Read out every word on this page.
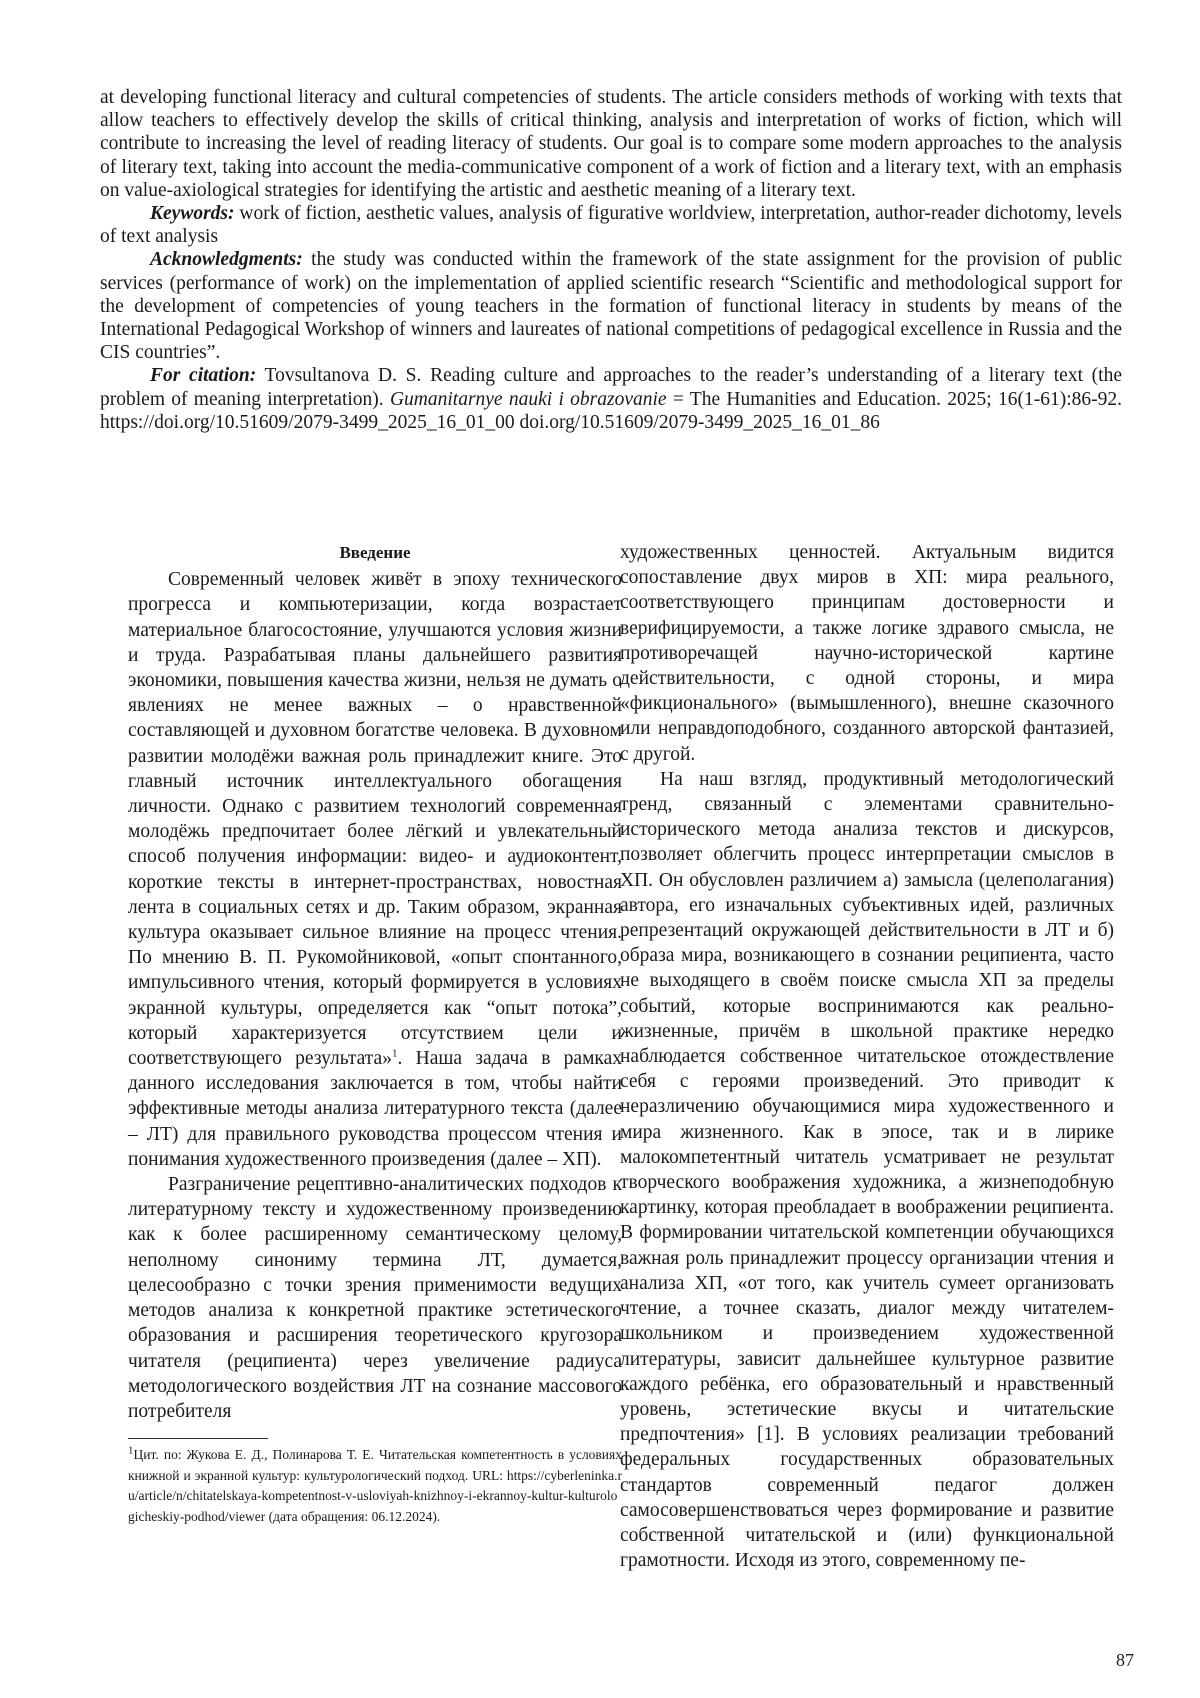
at developing functional literacy and cultural competencies of students. The article considers methods of working with texts that allow teachers to effectively develop the skills of critical thinking, analysis and interpretation of works of fiction, which will contribute to increasing the level of reading literacy of students. Our goal is to compare some modern approaches to the analysis of literary text, taking into account the media-communicative component of a work of fiction and a literary text, with an emphasis on value-axiological strategies for identifying the artistic and aesthetic meaning of a literary text.

Keywords: work of fiction, aesthetic values, analysis of figurative worldview, interpretation, author-reader dichotomy, levels of text analysis

Acknowledgments: the study was conducted within the framework of the state assignment for the provision of public services (performance of work) on the implementation of applied scientific research “Scientific and methodological support for the development of competencies of young teachers in the formation of functional literacy in students by means of the International Pedagogical Workshop of winners and laureates of national competitions of pedagogical excellence in Russia and the CIS countries”.

For citation: Tovsultanova D. S. Reading culture and approaches to the reader’s understanding of a literary text (the problem of meaning interpretation). Gumanitarnye nauki i obrazovanie = The Humanities and Education. 2025; 16(1-61):86-92. https://doi.org/10.51609/2079-3499_2025_16_01_00 doi.org/10.51609/2079-3499_2025_16_01_86

Введение

Современный человек живёт в эпоху технического прогресса и компьютеризации, когда возрастает материальное благосостояние, улучшаются условия жизни и труда. Разрабатывая планы дальнейшего развития экономики, повышения качества жизни, нельзя не думать о явлениях не менее важных – о нравственной составляющей и духовном богатстве человека. В духовном развитии молодёжи важная роль принадлежит книге. Это главный источник интеллектуального обогащения личности. Однако с развитием технологий современная молодёжь предпочитает более лёгкий и увлекательный способ получения информации: видео- и аудиоконтент, короткие тексты в интернет-пространствах, новостная лента в социальных сетях и др. Таким образом, экранная культура оказывает сильное влияние на процесс чтения. По мнению В. П. Рукомойниковой, «опыт спонтанного, импульсивного чтения, который формируется в условиях экранной культуры, определяется как “опыт потока”, который характеризуется отсутствием цели и соответствующего результата»$^1$. Наша задача в рамках данного исследования заключается в том, чтобы найти эффективные методы анализа литературного текста (далее – ЛТ) для правильного руководства процессом чтения и понимания художественного произведения (далее – ХП).

Разграничение рецептивно-аналитических подходов к литературному тексту и художественному произведению как к более расширенному семантическому целому, неполному синониму термина ЛТ, думается, целесообразно с точки зрения применимости ведущих методов анализа к конкретной практике эстетического образования и расширения теоретического кругозора читателя (реципиента) через увеличение радиуса методологического воздействия ЛТ на сознание массового потребителя

$^1$Цит. по: Жукова Е. Д., Полинарова Т. Е. Читательская компетентность в условиях книжной и экранной культур: культурологический подход. URL: https://cyberleninka.ru/article/n/chitatelskaya-kompetentnost-v-usloviyah-knizhnoy-i-ekrannoy-kultur-kulturologicheskiy-podhod/viewer (дата обращения: 06.12.2024).

художественных ценностей. Актуальным видится сопоставление двух миров в ХП: мира реального, соответствующего принципам достоверности и верифицируемости, а также логике здравого смысла, не противоречащей научно-исторической картине действительности, с одной стороны, и мира «фикционального» (вымышленного), внешне сказочного или неправдоподобного, созданного авторской фантазией, с другой.

На наш взгляд, продуктивный методологический тренд, связанный с элементами сравнительно-исторического метода анализа текстов и дискурсов, позволяет облегчить процесс интерпретации смыслов в ХП. Он обусловлен различием а) замысла (целеполагания) автора, его изначальных субъективных идей, различных репрезентаций окружающей действительности в ЛТ и б) образа мира, возникающего в сознании реципиента, часто не выходящего в своём поиске смысла ХП за пределы событий, которые воспринимаются как реально-жизненные, причём в школьной практике нередко наблюдается собственное читательское отождествление себя с героями произведений. Это приводит к неразличению обучающимися мира художественного и мира жизненного. Как в эпосе, так и в лирике малокомпетентный читатель усматривает не результат творческого воображения художника, а жизнеподобную картинку, которая преобладает в воображении реципиента. В формировании читательской компетенции обучающихся важная роль принадлежит процессу организации чтения и анализа ХП, «от того, как учитель сумеет организовать чтение, а точнее сказать, диалог между читателем-школьником и произведением художественной литературы, зависит дальнейшее культурное развитие каждого ребёнка, его образовательный и нравственный уровень, эстетические вкусы и читательские предпочтения» [1]. В условиях реализации требований федеральных государственных образовательных стандартов современный педагог должен самосовершенствоваться через формирование и развитие собственной читательской и (или) функциональной грамотности. Исходя из этого, современному пе-

87
